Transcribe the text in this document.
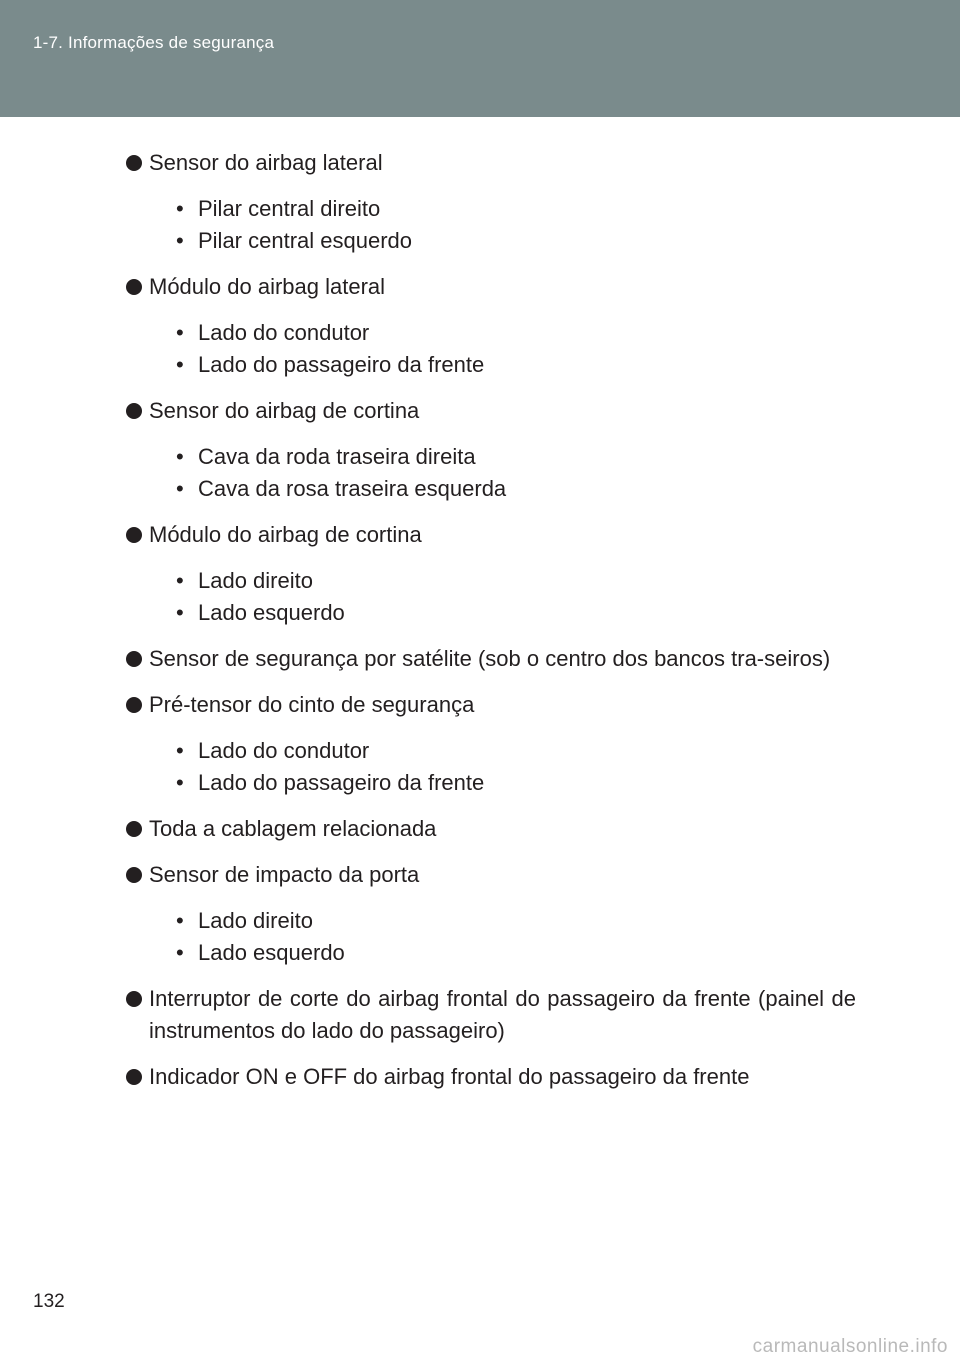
1-7. Informações de segurança
Sensor do airbag lateral
• Pilar central direito
• Pilar central esquerdo
Módulo do airbag lateral
• Lado do condutor
• Lado do passageiro da frente
Sensor do airbag de cortina
• Cava da roda traseira direita
• Cava da rosa traseira esquerda
Módulo do airbag de cortina
• Lado direito
• Lado esquerdo
Sensor de segurança por satélite (sob o centro dos bancos tra-seiros)
Pré-tensor do cinto de segurança
• Lado do condutor
• Lado do passageiro da frente
Toda a cablagem relacionada
Sensor de impacto da porta
• Lado direito
• Lado esquerdo
Interruptor de corte do airbag frontal do passageiro da frente (painel de instrumentos do lado do passageiro)
Indicador ON e OFF do airbag frontal do passageiro da frente
132
carmanualsonline.info
